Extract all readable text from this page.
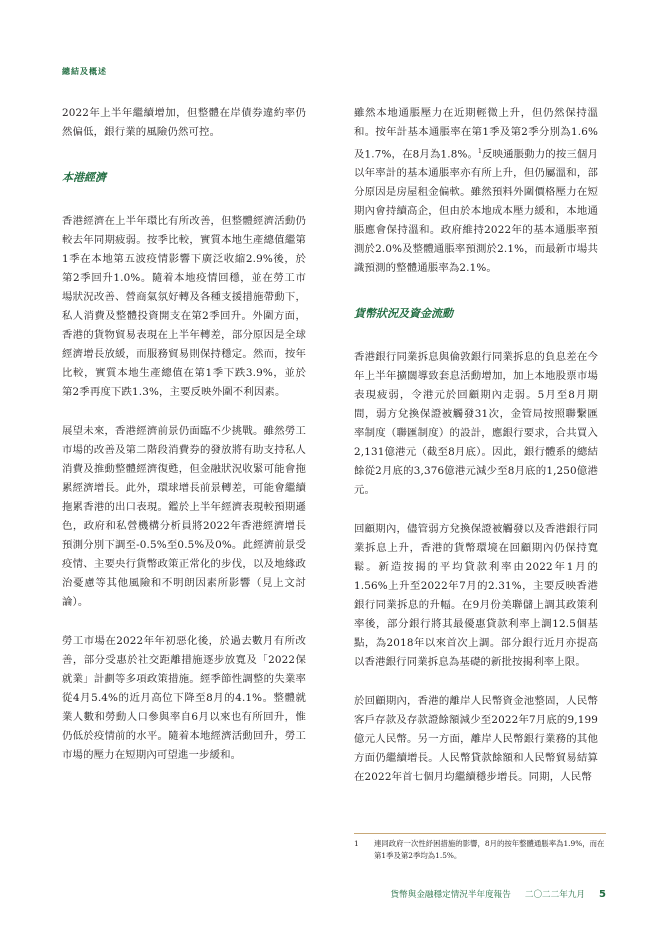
總結及概述

2022年上半年繼續增加，但整體在岸債券違約率仍然偏低，銀行業的風險仍然可控。

本港經濟

香港經濟在上半年環比有所改善，但整體經濟活動仍較去年同期疲弱。按季比較，實質本地生產總值繼第1季在本地第五波疫情影響下廣泛收縮2.9%後，於第2季回升1.0%。隨着本地疫情回穩，並在勞工市場狀況改善、營商氣氛好轉及各種支援措施帶動下，私人消費及整體投資開支在第2季回升。外圍方面，香港的貨物貿易表現在上半年轉差，部分原因是全球經濟增長放緩，而服務貿易則保持穩定。然而，按年比較，實質本地生產總值在第1季下跌3.9%，並於第2季再度下跌1.3%，主要反映外圍不利因素。

展望未來，香港經濟前景仍面臨不少挑戰。雖然勞工市場的改善及第二階段消費券的發放將有助支持私人消費及推動整體經濟復甦，但金融狀況收緊可能會拖累經濟增長。此外，環球增長前景轉差，可能會繼續拖累香港的出口表現。鑑於上半年經濟表現較預期遜色，政府和私營機構分析員將2022年香港經濟增長預測分別下調至-0.5%至0.5%及0%。此經濟前景受疫情、主要央行貨幣政策正常化的步伐，以及地緣政治憂慮等其他風險和不明朗因素所影響（見上文討論）。

勞工市場在2022年年初惡化後，於過去數月有所改善，部分受惠於社交距離措施逐步放寬及「2022保就業」計劃等多項政策措施。經季節性調整的失業率從4月5.4%的近月高位下降至8月的4.1%。整體就業人數和勞動人口參與率自6月以來也有所回升，惟仍低於疫情前的水平。隨着本地經濟活動回升，勞工市場的壓力在短期內可望進一步緩和。

雖然本地通脹壓力在近期輕微上升，但仍然保持溫和。按年計基本通脹率在第1季及第2季分別為1.6%及1.7%，在8月為1.8%。$^1$反映通脹動力的按三個月以年率計的基本通脹率亦有所上升，但仍屬溫和，部分原因是房屋租金偏軟。雖然預料外圍價格壓力在短期內會持續高企，但由於本地成本壓力緩和，本地通脹應會保持溫和。政府維持2022年的基本通脹率預測於2.0%及整體通脹率預測於2.1%，而最新市場共識預測的整體通脹率為2.1%。

貨幣狀況及資金流動

香港銀行同業拆息與倫敦銀行同業拆息的負息差在今年上半年擴闊導致套息活動增加，加上本地股票市場表現疲弱，令港元於回顧期內走弱。5月至8月期間，弱方兌換保證被觸發31次，金管局按照聯繫匯率制度（聯匯制度）的設計，應銀行要求，合共買入2,131億港元（截至8月底）。因此，銀行體系的總結餘從2月底的3,376億港元減少至8月底的1,250億港元。

回顧期內，儘管弱方兌換保證被觸發以及香港銀行同業拆息上升，香港的貨幣環境在回顧期內仍保持寬鬆。新造按揭的平均貸款利率由2022年1月的1.56%上升至2022年7月的2.31%，主要反映香港銀行同業拆息的升幅。在9月份美聯儲上調其政策利率後，部分銀行將其最優惠貸款利率上調12.5個基點，為2018年以來首次上調。部分銀行近月亦提高以香港銀行同業拆息為基礎的新批按揭利率上限。

於回顧期內，香港的離岸人民幣資金池整固，人民幣客戶存款及存款證餘額減少至2022年7月底的9,199億元人民幣。另一方面，離岸人民幣銀行業務的其他方面仍繼續增長。人民幣貸款餘額和人民幣貿易結算在2022年首七個月均繼續穩步增長。同期，人民幣

1	連同政府一次性紓困措施的影響，8月的按年整體通脹率為1.9%，而在第1季及第2季均為1.5%。
貨幣與金融穩定情況半年度報告 二〇二二年九月 5
